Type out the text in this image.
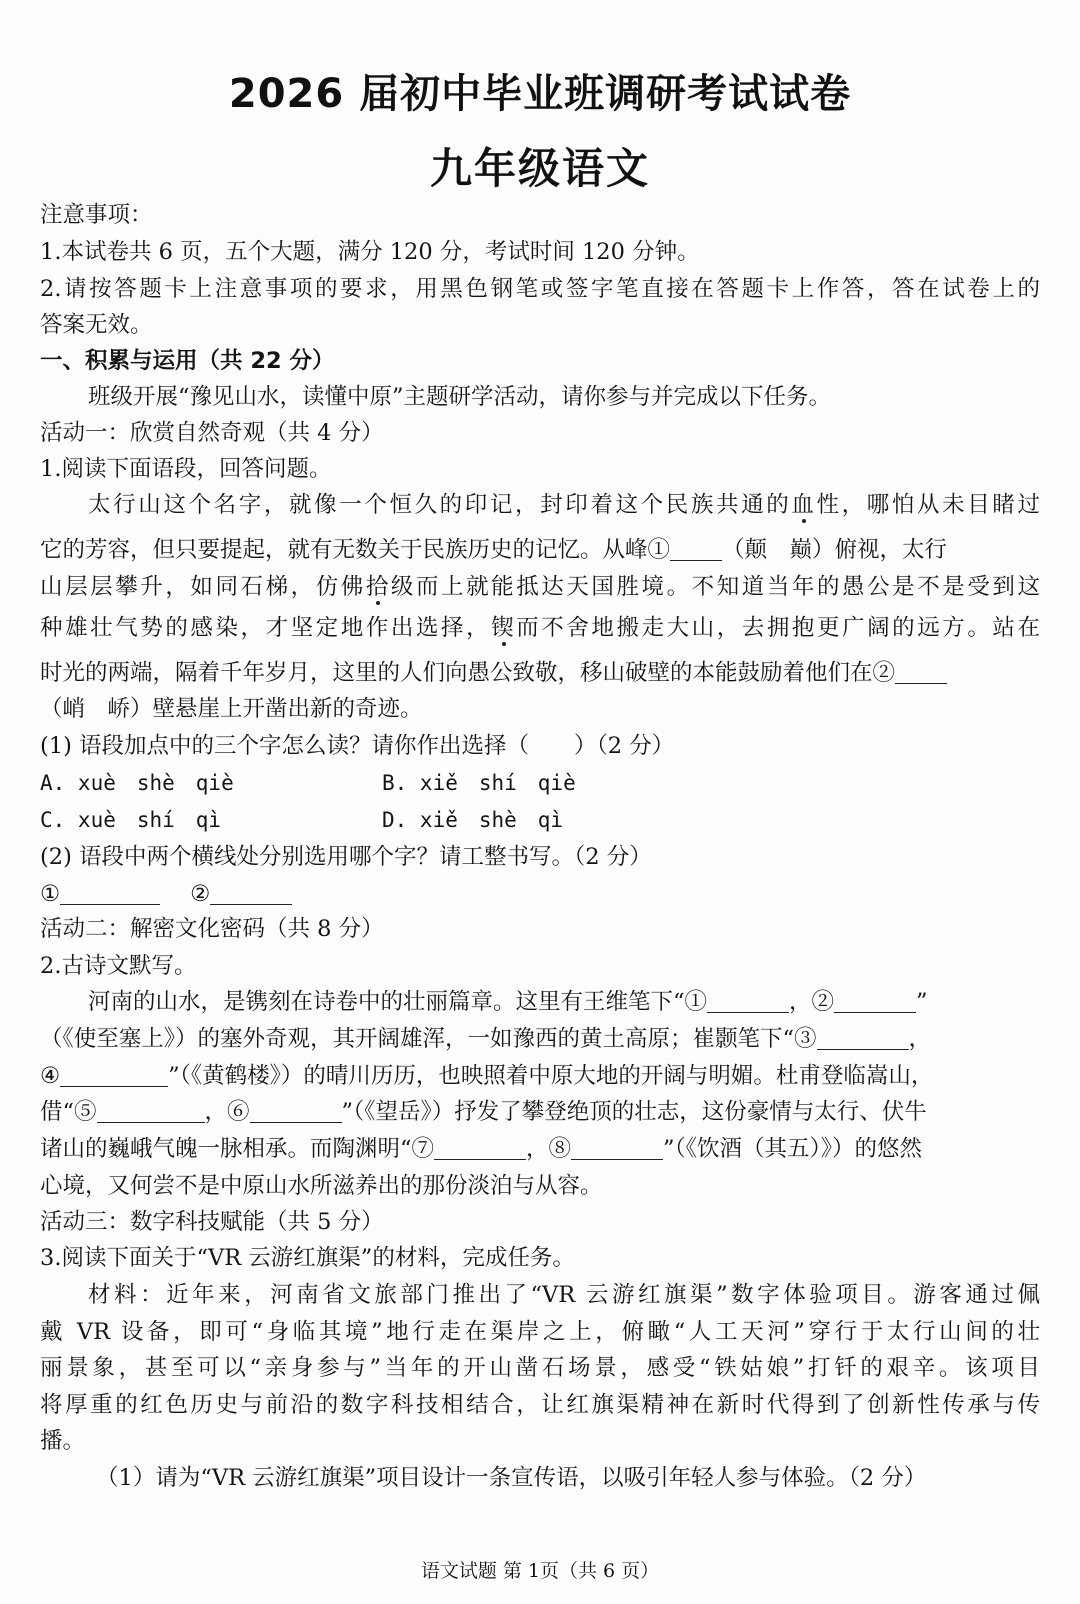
2026 届初中毕业班调研考试试卷
九年级语文
注意事项：
1.本试卷共 6 页，五个大题，满分 120 分，考试时间 120 分钟。
2.请按答题卡上注意事项的要求，用黑色钢笔或签字笔直接在答题卡上作答，答在试卷上的
答案无效。
一、积累与运用（共 22 分）
班级开展“豫见山水，读懂中原”主题研学活动，请你参与并完成以下任务。
活动一：欣赏自然奇观（共 4 分）
1.阅读下面语段，回答问题。
太行山这个名字，就像一个恒久的印记，封印着这个民族共通的血性，哪怕从未目睹过
它的芳容，但只要提起，就有无数关于民族历史的记忆。从峰① （颠　巅）俯视，太行
山层层攀升，如同石梯，仿佛拾级而上就能抵达天国胜境。不知道当年的愚公是不是受到这
种雄壮气势的感染，才坚定地作出选择，锲而不舍地搬走大山，去拥抱更广阔的远方。站在
时光的两端，隔着千年岁月，这里的人们向愚公致敬，移山破壁的本能鼓励着他们在②
（峭　峤）壁悬崖上开凿出新的奇迹。
(1) 语段加点中的三个字怎么读？请你作出选择（　　）（2 分）
A. xuè　shè　qiè	B. xiě　shí　qiè
C. xuè　shí　qì	D. xiě　shè　qì
(2) 语段中两个横线处分别选用哪个字？请工整书写。（2 分）
①	②
活动二：解密文化密码（共 8 分）
2.古诗文默写。
河南的山水，是镌刻在诗卷中的壮丽篇章。这里有王维笔下“①	，②	”
（《使至塞上》）的塞外奇观，其开阔雄浑，一如豫西的黄土高原；崔颢笔下“③	，
④	”（《黄鹤楼》）的晴川历历，也映照着中原大地的开阔与明媚。杜甫登临嵩山，
借“⑤	，⑥	”（《望岳》）抒发了攀登绝顶的壮志，这份豪情与太行、伏牛
诸山的巍峨气魄一脉相承。而陶渊明“⑦	，⑧	”（《饮酒（其五）》）的悠然
心境，又何尝不是中原山水所滋养出的那份淡泊与从容。
活动三：数字科技赋能（共 5 分）
3.阅读下面关于“VR 云游红旗渠”的材料，完成任务。
材料：近年来，河南省文旅部门推出了“VR 云游红旗渠”数字体验项目。游客通过佩
戴 VR 设备，即可“身临其境”地行走在渠岸之上，俯瞰“人工天河”穿行于太行山间的壮
丽景象，甚至可以“亲身参与”当年的开山凿石场景，感受“铁姑娘”打钎的艰辛。该项目
将厚重的红色历史与前沿的数字科技相结合，让红旗渠精神在新时代得到了创新性传承与传
播。
（1）请为“VR 云游红旗渠”项目设计一条宣传语，以吸引年轻人参与体验。（2 分）
语文试题 第 1页（共 6 页）
